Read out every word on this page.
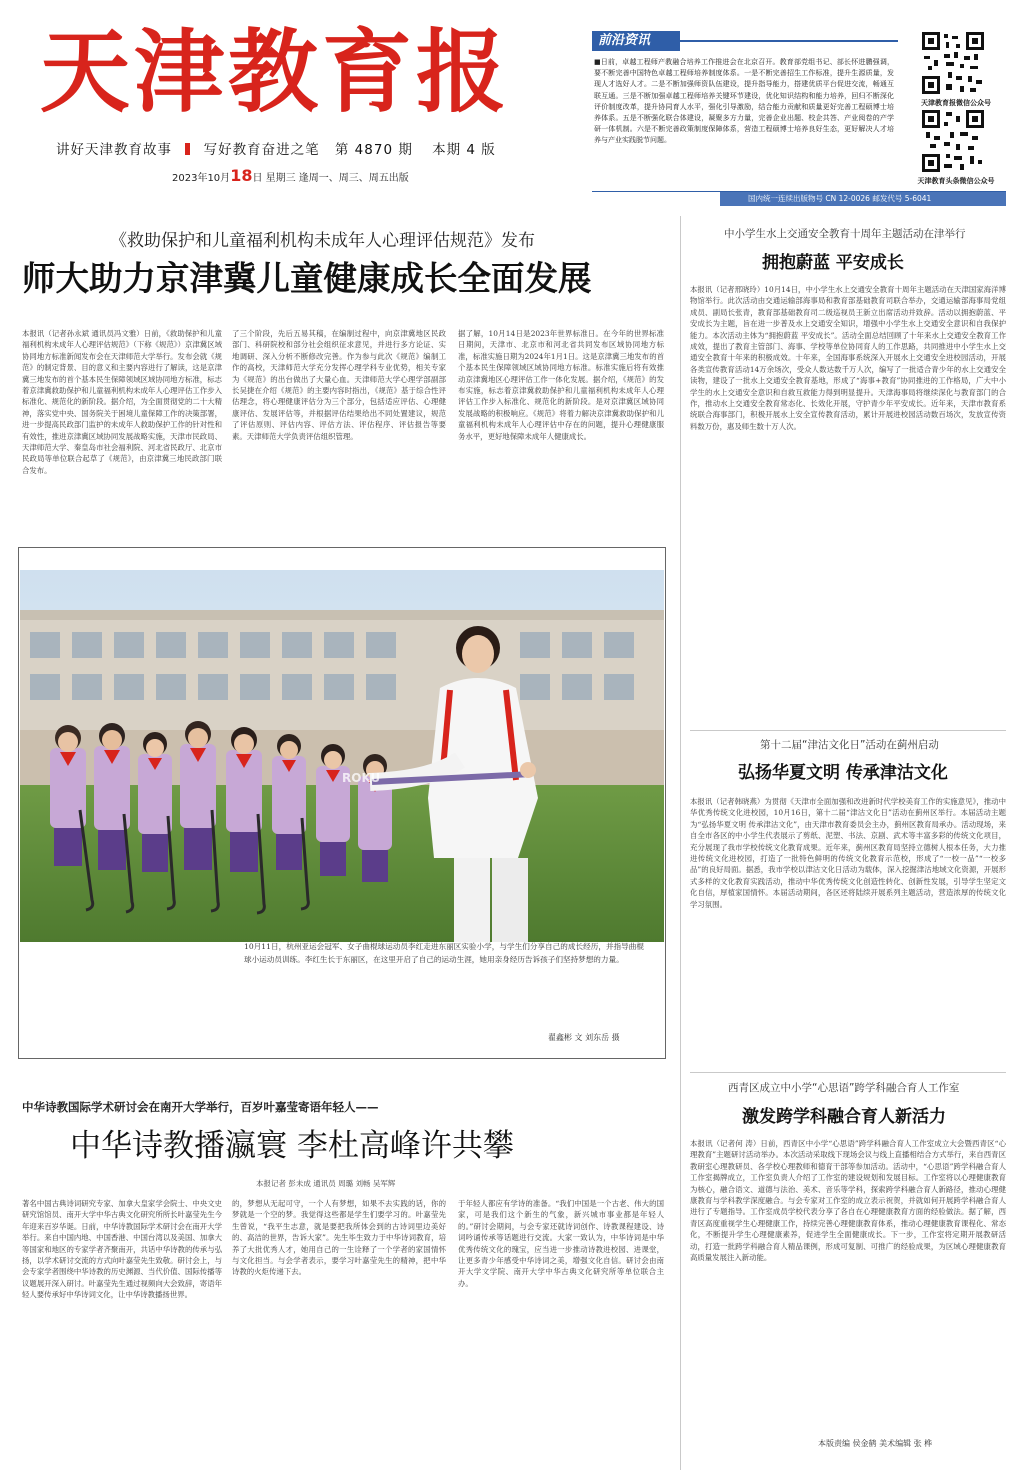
天津教育报
讲好天津教育故事 写好教育奋进之笔 第 4870 期 本期 4 版
2023年10月18日 星期三 逢周一、周三、周五出版
前沿资讯
■日前，卓越工程师产教融合培养工作推进会在北京召开。教育部党组书记、部长怀进鹏强调，要不断完善中国特色卓越工程师培养制度体系。一是不断完善招生工作标准，提升生源质量，发现人才选好人才。二是不断加强师资队伍建设，提升指导能力，搭建优质平台促进交流，畅通互联互通。三是不断加强卓越工程师培养关键环节建设，优化知识结构和能力培养，回归不断深化评价制度改革，提升协同育人水平，强化引导激励，结合能力贡献和质量更好完善工程硕博士培养体系。五是不断强化联合体建设，凝聚多方力量，完善企业出题、校企共答、产业阅卷的产学研一体机制。六是不断完善政策制度保障体系，营造工程硕博士培养良好生态，更好解决人才培养与产业实践脱节问题。
天津教育报微信公众号
天津教育头条微信公众号
国内统一连续出版物号 CN 12-0026 邮发代号 5-6041
《救助保护和儿童福利机构未成年人心理评估规范》发布
师大助力京津冀儿童健康成长全面发展
本报讯（记者孙永斌 通讯员冯文雅）日前，《救助保护和儿童福利机构未成年人心理评估规范》（下称《规范》）京津冀区域协同地方标准新闻发布会在天津师范大学举行。发布会就《规范》的制定背景、目的意义和主要内容进行了解读，这是京津冀三地发布的首个基本民生保障领域区域协同地方标准，标志着京津冀救助保护和儿童福利机构未成年人心理评估工作步入标准化、规范化的新阶段。据介绍，为全面贯彻党的二十大精神，落实党中央、国务院关于困境儿童保障工作的决策部署，进一步提高民政部门监护的未成年人救助保护工作的针对性和有效性，推进京津冀区域协同发展战略实施，天津市民政局、天津师范大学、秦皇岛市社会福利院、河北省民政厅、北京市民政局等单位联合起草了《规范》，由京津冀三地民政部门联合发布。
了三个阶段，先后五易其稿，在编制过程中，向京津冀地区民政部门、科研院校和部分社会组织征求意见，并进行多方论证、实地调研、深入分析不断修改完善。作为参与此次《规范》编制工作的高校，天津师范大学充分发挥心理学科专业优势，相关专家为《规范》的出台做出了大量心血。天津师范大学心理学部副部长吴捷在介绍《规范》的主要内容时指出，《规范》基于综合性评估理念，将心理健康评估分为三个部分，包括适应评估、心理健康评估、发展评估等，并根据评估结果给出不同处置建议，规范了评估原则、评估内容、评估方法、评估程序、评估报告等要素。天津师范大学负责评估组织管理。
据了解，10月14日是2023年世界标准日。在今年的世界标准日期间，天津市、北京市和河北省共同发布区域协同地方标准，标准实施日期为2024年1月1日。这是京津冀三地发布的首个基本民生保障领域区域协同地方标准。标准实施后将有效推动京津冀地区心理评估工作一体化发展。据介绍，《规范》的发布实施，标志着京津冀救助保护和儿童福利机构未成年人心理评估工作步入标准化、规范化的新阶段。是对京津冀区域协同发展战略的积极响应。《规范》将着力解决京津冀救助保护和儿童福利机构未成年人心理评估中存在的问题，提升心理健康服务水平，更好地保障未成年人健康成长。
ROKU
10月11日，杭州亚运会冠军、女子曲棍球运动员李红走进东丽区实验小学，与学生们分享自己的成长经历，并指导曲棍球小运动员训练。李红生长于东丽区，在这里开启了自己的运动生涯，她用亲身经历告诉孩子们坚持梦想的力量。
翟鑫彬 文 刘东岳 摄
中小学生水上交通安全教育十周年主题活动在津举行
拥抱蔚蓝 平安成长
本报讯（记者邢晓玲）10月14日，中小学生水上交通安全教育十周年主题活动在天津国家海洋博物馆举行。此次活动由交通运输部海事局和教育部基础教育司联合举办，交通运输部海事局党组成员、副局长张青，教育部基础教育司二级巡视员王新立出席活动并致辞。活动以拥抱蔚蓝、平安成长为主题，旨在进一步普及水上交通安全知识，增强中小学生水上交通安全意识和自我保护能力。本次活动主体为“拥抱蔚蓝 平安成长”。活动全面总结回顾了十年来水上交通安全教育工作成效，提出了教育主管部门、海事、学校等单位协同育人的工作思路，共同推进中小学生水上交通安全教育十年来的积极成效。十年来，全国海事系统深入开展水上交通安全进校园活动，开展各类宣传教育活动14万余场次，受众人数达数千万人次，编写了一批适合青少年的水上交通安全读物，建设了一批水上交通安全教育基地，形成了“海事+教育”协同推进的工作格局，广大中小学生的水上交通安全意识和自救互救能力得到明显提升。天津海事局将继续深化与教育部门的合作，推动水上交通安全教育常态化、长效化开展，守护青少年平安成长。近年来，天津市教育系统联合海事部门，积极开展水上安全宣传教育活动，累计开展进校园活动数百场次，发放宣传资料数万份，惠及师生数十万人次。
第十二届“津沽文化日”活动在蓟州启动
弘扬华夏文明 传承津沽文化
本报讯（记者韩晓燕）为贯彻《天津市全面加强和改进新时代学校美育工作的实施意见》，推动中华优秀传统文化进校园，10月16日，第十二届“津沽文化日”活动在蓟州区举行。本届活动主题为“弘扬华夏文明 传承津沽文化”，由天津市教育委员会主办，蓟州区教育局承办。活动现场，来自全市各区的中小学生代表展示了剪纸、泥塑、书法、京剧、武术等丰富多彩的传统文化项目，充分展现了我市学校传统文化教育成果。近年来，蓟州区教育局坚持立德树人根本任务，大力推进传统文化进校园，打造了一批特色鲜明的传统文化教育示范校，形成了“一校一品”“一校多品”的良好局面。据悉，我市学校以津沽文化日活动为载体，深入挖掘津沽地域文化资源，开展形式多样的文化教育实践活动，推动中华优秀传统文化创造性转化、创新性发展，引导学生坚定文化自信，厚植家国情怀。本届活动期间，各区还将陆续开展系列主题活动，营造浓厚的传统文化学习氛围。
西青区成立中小学“心思语”跨学科融合育人工作室
激发跨学科融合育人新活力
本报讯（记者何 涛）日前，西青区中小学“心思语”跨学科融合育人工作室成立大会暨西青区“心理教育”主题研讨活动举办。本次活动采取线下现场会议与线上直播相结合方式举行，来自西青区教研室心理教研员、各学校心理教师和德育干部等参加活动。活动中，“心思语”跨学科融合育人工作室揭牌成立，工作室负责人介绍了工作室的建设规划和发展目标。工作室将以心理健康教育为核心，融合语文、道德与法治、美术、音乐等学科，探索跨学科融合育人新路径，推动心理健康教育与学科教学深度融合。与会专家对工作室的成立表示祝贺，并就如何开展跨学科融合育人进行了专题指导。工作室成员学校代表分享了各自在心理健康教育方面的经验做法。据了解，西青区高度重视学生心理健康工作，持续完善心理健康教育体系，推动心理健康教育课程化、常态化，不断提升学生心理健康素养，促进学生全面健康成长。下一步，工作室将定期开展教研活动，打造一批跨学科融合育人精品课例，形成可复制、可推广的经验成果，为区域心理健康教育高质量发展注入新动能。
本版责编 侯金鹤 美术编辑 张 桦
中华诗教国际学术研讨会在南开大学举行，百岁叶嘉莹寄语年轻人——
中华诗教播瀛寰 李杜高峰许共攀
本报记者 彭未成 通讯员 周璐 刘畅 吴军辉
著名中国古典诗词研究专家、加拿大皇家学会院士、中央文史研究馆馆员、南开大学中华古典文化研究所所长叶嘉莹先生今年迎来百岁华诞。日前，中华诗教国际学术研讨会在南开大学举行。来自中国内地、中国香港、中国台湾以及美国、加拿大等国家和地区的专家学者齐聚南开，共话中华诗教的传承与弘扬，以学术研讨交流的方式向叶嘉莹先生致敬。研讨会上，与会专家学者围绕中华诗教的历史渊源、当代价值、国际传播等议题展开深入研讨。叶嘉莹先生通过视频向大会致辞，寄语年轻人要传承好中华诗词文化，让中华诗教播扬世界。
的，梦想从无起可守，一个人有梦想，如果不去实践的话，你的梦就是一个空的梦。我觉得这些都是学生们要学习的。叶嘉莹先生曾说，“我平生志意，就是要把我所体会到的古诗词里边美好的、高洁的世界，告诉大家”。先生毕生致力于中华诗词教育，培养了大批优秀人才，她用自己的一生诠释了一个学者的家国情怀与文化担当。与会学者表示，要学习叶嘉莹先生的精神，把中华诗教的火炬传递下去。
于年轻人都应有学诗的准备。“我们中国是一个古老、伟大的国家，可是我们这个新生的气象，新兴城市事业都是年轻人的。”研讨会期间，与会专家还就诗词创作、诗教课程建设、诗词吟诵传承等话题进行交流。大家一致认为，中华诗词是中华优秀传统文化的瑰宝，应当进一步推动诗教进校园、进课堂，让更多青少年感受中华诗词之美，增强文化自信。研讨会由南开大学文学院、南开大学中华古典文化研究所等单位联合主办。
